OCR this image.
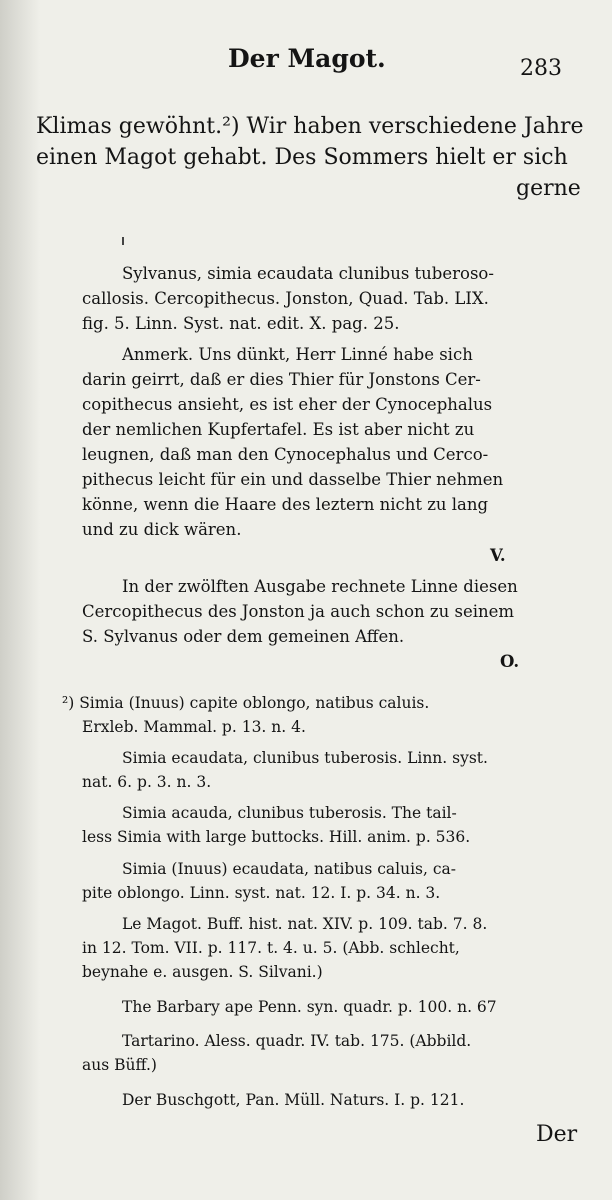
Der Magot.	283
Klimas gewöhnt.²) Wir haben verschiedene Jahre
einen Magot gehabt. Des Sommers hielt er sich
gerne
Sylvanus, simia ecaudata clunibus tuberoso-
callosis. Cercopithecus. Jonston, Quad. Tab. LIX.
fig. 5. Linn. Syst. nat. edit. X. pag. 25.
Anmerk. Uns dünkt, Herr Linné habe sich
darin geirrt, daß er dies Thier für Jonstons Cer-
copithecus ansieht, es ist eher der Cynocephalus
der nemlichen Kupfertafel. Es ist aber nicht zu
leugnen, daß man den Cynocephalus und Cerco-
pithecus leicht für ein und dasselbe Thier nehmen
könne, wenn die Haare des leztern nicht zu lang
und zu dick wären.
V.
In der zwölften Ausgabe rechnete Linne diesen
Cercopithecus des Jonston ja auch schon zu seinem
S. Sylvanus oder dem gemeinen Affen.
O.
²) Simia (Inuus) capite oblongo, natibus caluis.
Erxleb. Mammal. p. 13. n. 4.
Simia ecaudata, clunibus tuberosis. Linn. syst.
nat. 6. p. 3. n. 3.
Simia acauda, clunibus tuberosis. The tail-
less Simia with large buttocks. Hill. anim. p. 536.
Simia (Inuus) ecaudata, natibus caluis, ca-
pite oblongo. Linn. syst. nat. 12. I. p. 34. n. 3.
Le Magot. Buff. hist. nat. XIV. p. 109. tab. 7. 8.
in 12. Tom. VII. p. 117. t. 4. u. 5. (Abb. schlecht,
beynahe e. ausgen. S. Silvani.)
The Barbary ape Penn. syn. quadr. p. 100. n. 67
Tartarino. Aless. quadr. IV. tab. 175. (Abbild.
aus Büff.)
Der Buschgott, Pan. Müll. Naturs. I. p. 121.
Der
